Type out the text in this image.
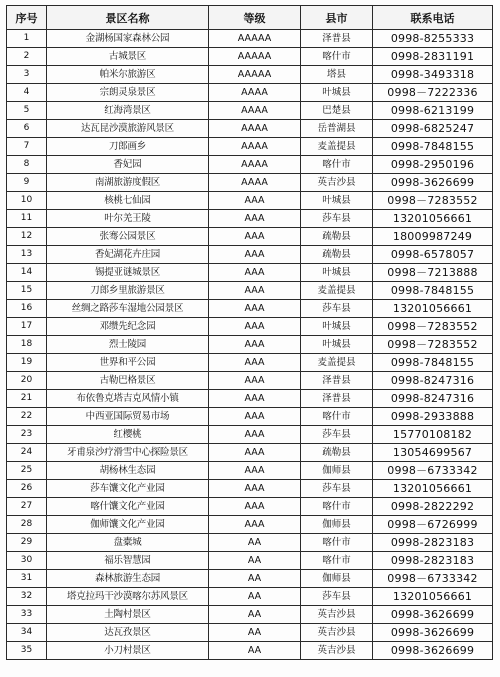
序号	景区名称	等级	县市	联系电话
1	金湖杨国家森林公园	AAAAA	泽普县	0998-8255333
2	古城景区	AAAAA	喀什市	0998-2831191
3	帕米尔旅游区	AAAAA	塔县	0998-3493318
4	宗朗灵泉景区	AAAA	叶城县	0998－7222336
5	红海湾景区	AAAA	巴楚县	0998-6213199
6	达瓦昆沙漠旅游风景区	AAAA	岳普湖县	0998-6825247
7	刀郎画乡	AAAA	麦盖提县	0998-7848155
8	香妃园	AAAA	喀什市	0998-2950196
9	南湖旅游度假区	AAAA	英吉沙县	0998-3626699
10	核桃七仙园	AAA	叶城县	0998－7283552
11	叶尔羌王陵	AAA	莎车县	13201056661
12	张骞公园景区	AAA	疏勒县	18009987249
13	香妃湖花卉庄园	AAA	疏勒县	0998-6578057
14	锡提亚谜城景区	AAA	叶城县	0998－7213888
15	刀郎乡里旅游景区	AAA	麦盖提县	0998-7848155
16	丝绸之路莎车湿地公园景区	AAA	莎车县	13201056661
17	邓缵先纪念园	AAA	叶城县	0998－7283552
18	烈士陵园	AAA	叶城县	0998－7283552
19	世界和平公园	AAA	麦盖提县	0998-7848155
20	古勒巴格景区	AAA	泽普县	0998-8247316
21	布依鲁克塔吉克风情小镇	AAA	泽普县	0998-8247316
22	中西亚国际贸易市场	AAA	喀什市	0998-2933888
23	红樱桃	AAA	莎车县	15770108182
24	牙甫泉沙疗滑雪中心探险景区	AAA	疏勒县	13054699567
25	胡杨林生态园	AAA	伽师县	0998－6733342
26	莎车馕文化产业园	AAA	莎车县	13201056661
27	喀什馕文化产业园	AAA	喀什市	0998-2822292
28	伽师馕文化产业园	AAA	伽师县	0998－6726999
29	盘橐城	AA	喀什市	0998-2823183
30	福乐智慧园	AA	喀什市	0998-2823183
31	森林旅游生态园	AA	伽师县	0998－6733342
32	塔克拉玛干沙漠喀尔苏风景区	AA	莎车县	13201056661
33	土陶村景区	AA	英吉沙县	0998-3626699
34	达瓦孜景区	AA	英吉沙县	0998-3626699
35	小刀村景区	AA	英吉沙县	0998-3626699
